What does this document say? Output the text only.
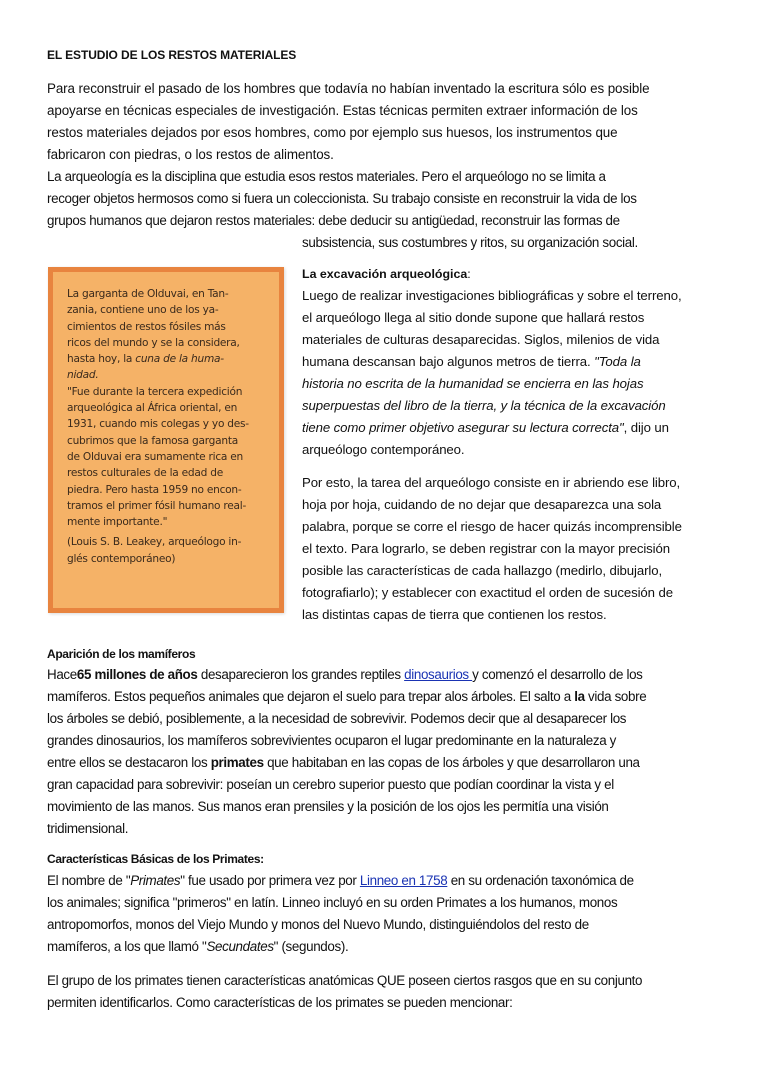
EL ESTUDIO DE LOS RESTOS MATERIALES
Para reconstruir el pasado de los hombres que todavía no habían inventado la escritura sólo es posible
apoyarse en técnicas especiales de investigación. Estas técnicas permiten extraer información de los
restos materiales dejados por esos hombres, como por ejemplo sus huesos, los instrumentos que
fabricaron con piedras, o los restos de alimentos.
La arqueología es la disciplina que estudia esos restos materiales. Pero el arqueólogo no se limita a
recoger objetos hermosos como si fuera un coleccionista. Su trabajo consiste en reconstruir la vida de los
grupos humanos que dejaron restos materiales: debe deducir su antigüedad, reconstruir las formas de
subsistencia, sus costumbres y ritos, su organización social.
La garganta de Olduvai, en Tan-
zania, contiene uno de los ya-
cimientos de restos fósiles más
ricos del mundo y se la considera,
hasta hoy, la cuna de la huma-
nidad.
"Fue durante la tercera expedición
arqueológica al África oriental, en
1931, cuando mis colegas y yo des-
cubrimos que la famosa garganta
de Olduvai era sumamente rica en
restos culturales de la edad de
piedra. Pero hasta 1959 no encon-
tramos el primer fósil humano real-
mente importante."
(Louis S. B. Leakey, arqueólogo in-
glés contemporáneo)
La excavación arqueológica:
Luego de realizar investigaciones bibliográficas y sobre el terreno,
el arqueólogo llega al sitio donde supone que hallará restos
materiales de culturas desaparecidas. Siglos, milenios de vida
humana descansan bajo algunos metros de tierra. "Toda la
historia no escrita de la humanidad se encierra en las hojas
superpuestas del libro de la tierra, y la técnica de la excavación
tiene como primer objetivo asegurar su lectura correcta", dijo un
arqueólogo contemporáneo.
Por esto, la tarea del arqueólogo consiste en ir abriendo ese libro,
hoja por hoja, cuidando de no dejar que desaparezca una sola
palabra, porque se corre el riesgo de hacer quizás incomprensible
el texto. Para lograrlo, se deben registrar con la mayor precisión
posible las características de cada hallazgo (medirlo, dibujarlo,
fotografiarlo); y establecer con exactitud el orden de sucesión de
las distintas capas de tierra que contienen los restos.
Aparición de los mamíferos
Hace65 millones de años desaparecieron los grandes reptiles dinosaurios y comenzó el desarrollo de los
mamíferos. Estos pequeños animales que dejaron el suelo para trepar alos árboles. El salto a la vida sobre
los árboles se debió, posiblemente, a la necesidad de sobrevivir. Podemos decir que al desaparecer los
grandes dinosaurios, los mamíferos sobrevivientes ocuparon el lugar predominante en la naturaleza y
entre ellos se destacaron los primates que habitaban en las copas de los árboles y que desarrollaron una
gran capacidad para sobrevivir: poseían un cerebro superior puesto que podían coordinar la vista y el
movimiento de las manos. Sus manos eran prensiles y la posición de los ojos les permitía una visión
tridimensional.
Características Básicas de los Primates:
El nombre de "Primates" fue usado por primera vez por Linneo en 1758 en su ordenación taxonómica de
los animales; significa "primeros" en latín. Linneo incluyó en su orden Primates a los humanos, monos
antropomorfos, monos del Viejo Mundo y monos del Nuevo Mundo, distinguiéndolos del resto de
mamíferos, a los que llamó "Secundates" (segundos).
El grupo de los primates tienen características anatómicas QUE poseen ciertos rasgos que en su conjunto
permiten identificarlos. Como características de los primates se pueden mencionar:
